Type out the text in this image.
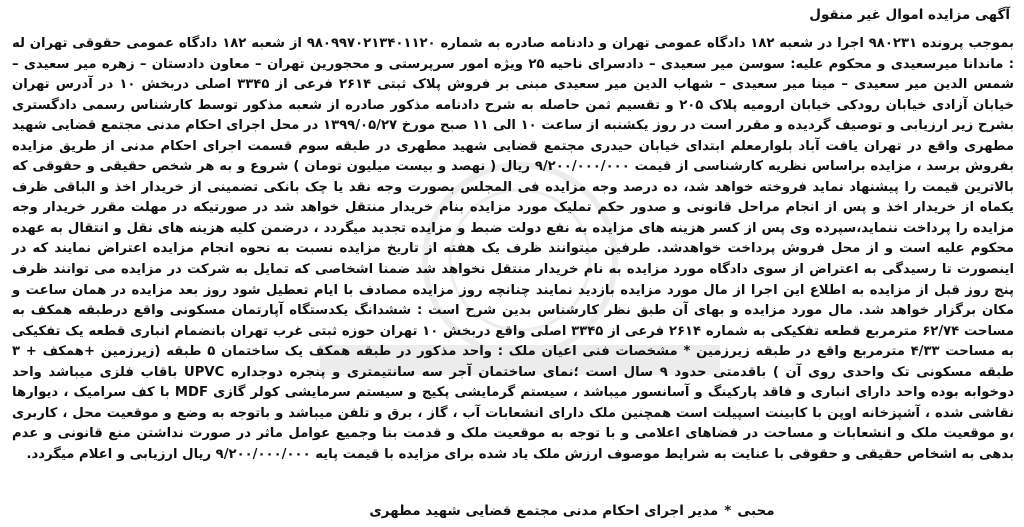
آگهی مزایده اموال غیر منقول

بموجب پرونده ۹۸۰۲۳۱ اجرا در شعبه ۱۸۲ دادگاه عمومی تهران و دادنامه صادره به شماره ۹۸۰۹۹۷۰۲۱۳۴۰۱۱۲۰ از شعبه ۱۸۲ دادگاه عمومی حقوقی تهران له : ماندانا میرسعیدی و محکوم علیه: سوسن میر سعیدی – دادسرای ناحیه ۲۵ ویژه امور سرپرستی و محجورین تهران – معاون دادستان – زهره میر سعیدی – شمس الدین میر سعیدی – مینا میر سعیدی – شهاب الدین میر سعیدی مبنی بر فروش پلاک ثبتی ۲۶۱۴ فرعی از ۳۳۴۵ اصلی دربخش ۱۰ در آدرس تهران خیابان آزادی خیابان رودکی خیابان ارومیه پلاک ۲۰۵ و تقسیم ثمن حاصله به شرح دادنامه مذکور صادره از شعبه مذکور توسط کارشناس رسمی دادگستری بشرح زیر ارزیابی و توصیف گردیده و مقرر است در روز یکشنبه از ساعت ۱۰ الی ۱۱ صبح مورخ ۱۳۹۹/۰۵/۲۷ در محل اجرای احکام مدنی مجتمع قضایی شهید مطهری واقع در تهران یافت آباد بلوارمعلم ابتدای خیابان حیدری مجتمع قضایی شهید مطهری در طبقه سوم قسمت اجرای احکام مدنی از طریق مزایده بفروش برسد ، مزایده براساس نظریه کارشناسی از قیمت ۹/۲۰۰/۰۰۰/۰۰۰ ریال ( نهصد و بیست میلیون تومان ) شروع و به هر شخص حقیقی و حقوقی که بالاترین قیمت را پیشنهاد نماید فروخته خواهد شد، ده درصد وجه مزایده فی المجلس بصورت وجه نقد یا چک بانکی تضمینی از خریدار اخذ و الباقی ظرف یکماه از خریدار اخذ و پس از انجام مراحل قانونی و صدور حکم تملیک مورد مزایده بنام خریدار منتقل خواهد شد در صورتیکه در مهلت مقرر خریدار وجه مزایده را پرداخت ننماید،سپرده وی پس از کسر هزینه های مزایده به نفع دولت ضبط و مزایده تجدید میگردد ، درضمن کلیه هزینه های نقل و انتقال به عهده محکوم علیه است و از محل فروش پرداخت خواهدشد. طرفین میتوانند ظرف یک هفته از تاریخ مزایده نسبت به نحوه انجام مزایده اعتراض نمایند که در اینصورت تا رسیدگی به اعتراض از سوی دادگاه مورد مزایده به نام خریدار منتقل نخواهد شد ضمنا اشخاصی که تمایل به شرکت در مزایده می توانند ظرف پنج روز قبل از مزایده به اطلاع این اجرا از مال مورد مزایده بازدید نمایند چنانچه روز مزایده مصادف با ایام تعطیل شود روز بعد مزایده در همان ساعت و مکان برگزار خواهد شد. مال مورد مزایده و بهای آن طبق نظر کارشناس بدین شرح است : ششدانگ یکدستگاه آپارتمان مسکونی واقع درطبقه همکف به مساحت ۶۲/۷۴ مترمربع قطعه تفکیکی به شماره ۲۶۱۴ فرعی از ۳۳۴۵ اصلی واقع دربخش ۱۰ تهران حوزه ثبتی غرب تهران بانضمام انباری قطعه یک تفکیکی به مساحت ۴/۳۳ مترمربع واقع در طبقه زیرزمین * مشخصات فنی اعیان ملک : واحد مذکور در طبقه همکف یک ساختمان ۵ طبقه (زیرزمین +همکف + ۳ طبقه مسکونی تک واحدی روی آن ) باقدمتی حدود ۹ سال است ؛نمای ساختمان آجر سه سانتیمتری و پنجره دوجداره UPVC باقاب فلزی میباشد واحد دوخوابه بوده واحد دارای انباری و فاقد پارکینگ و آسانسور میباشد ، سیستم گرمایشی پکیج و سیستم سرمایشی کولر گازی MDF با کف سرامیک ، دیوارها نقاشی شده ، آشپزخانه اوپن با کابینت اسپیلت است همچنین ملک دارای انشعابات آب ، گاز ، برق و تلفن میباشد و باتوجه به وضع و موقعیت محل ، کاربری ،و موقعیت ملک و انشعابات و مساحت در فضاهای اعلامی و با توجه به موقعیت ملک و قدمت بنا وجمیع عوامل ماثر در صورت نداشتن منع قانونی و عدم بدهی به اشخاص حقیقی و حقوقی با عنایت به شرایط موصوف ارزش ملک یاد شده برای مزایده با قیمت پایه ۹/۲۰۰/۰۰۰/۰۰۰ ریال ارزیابی و اعلام میگردد.

محبی*مدیر اجرای احکام مدنی مجتمع قضایی شهید مطهری
